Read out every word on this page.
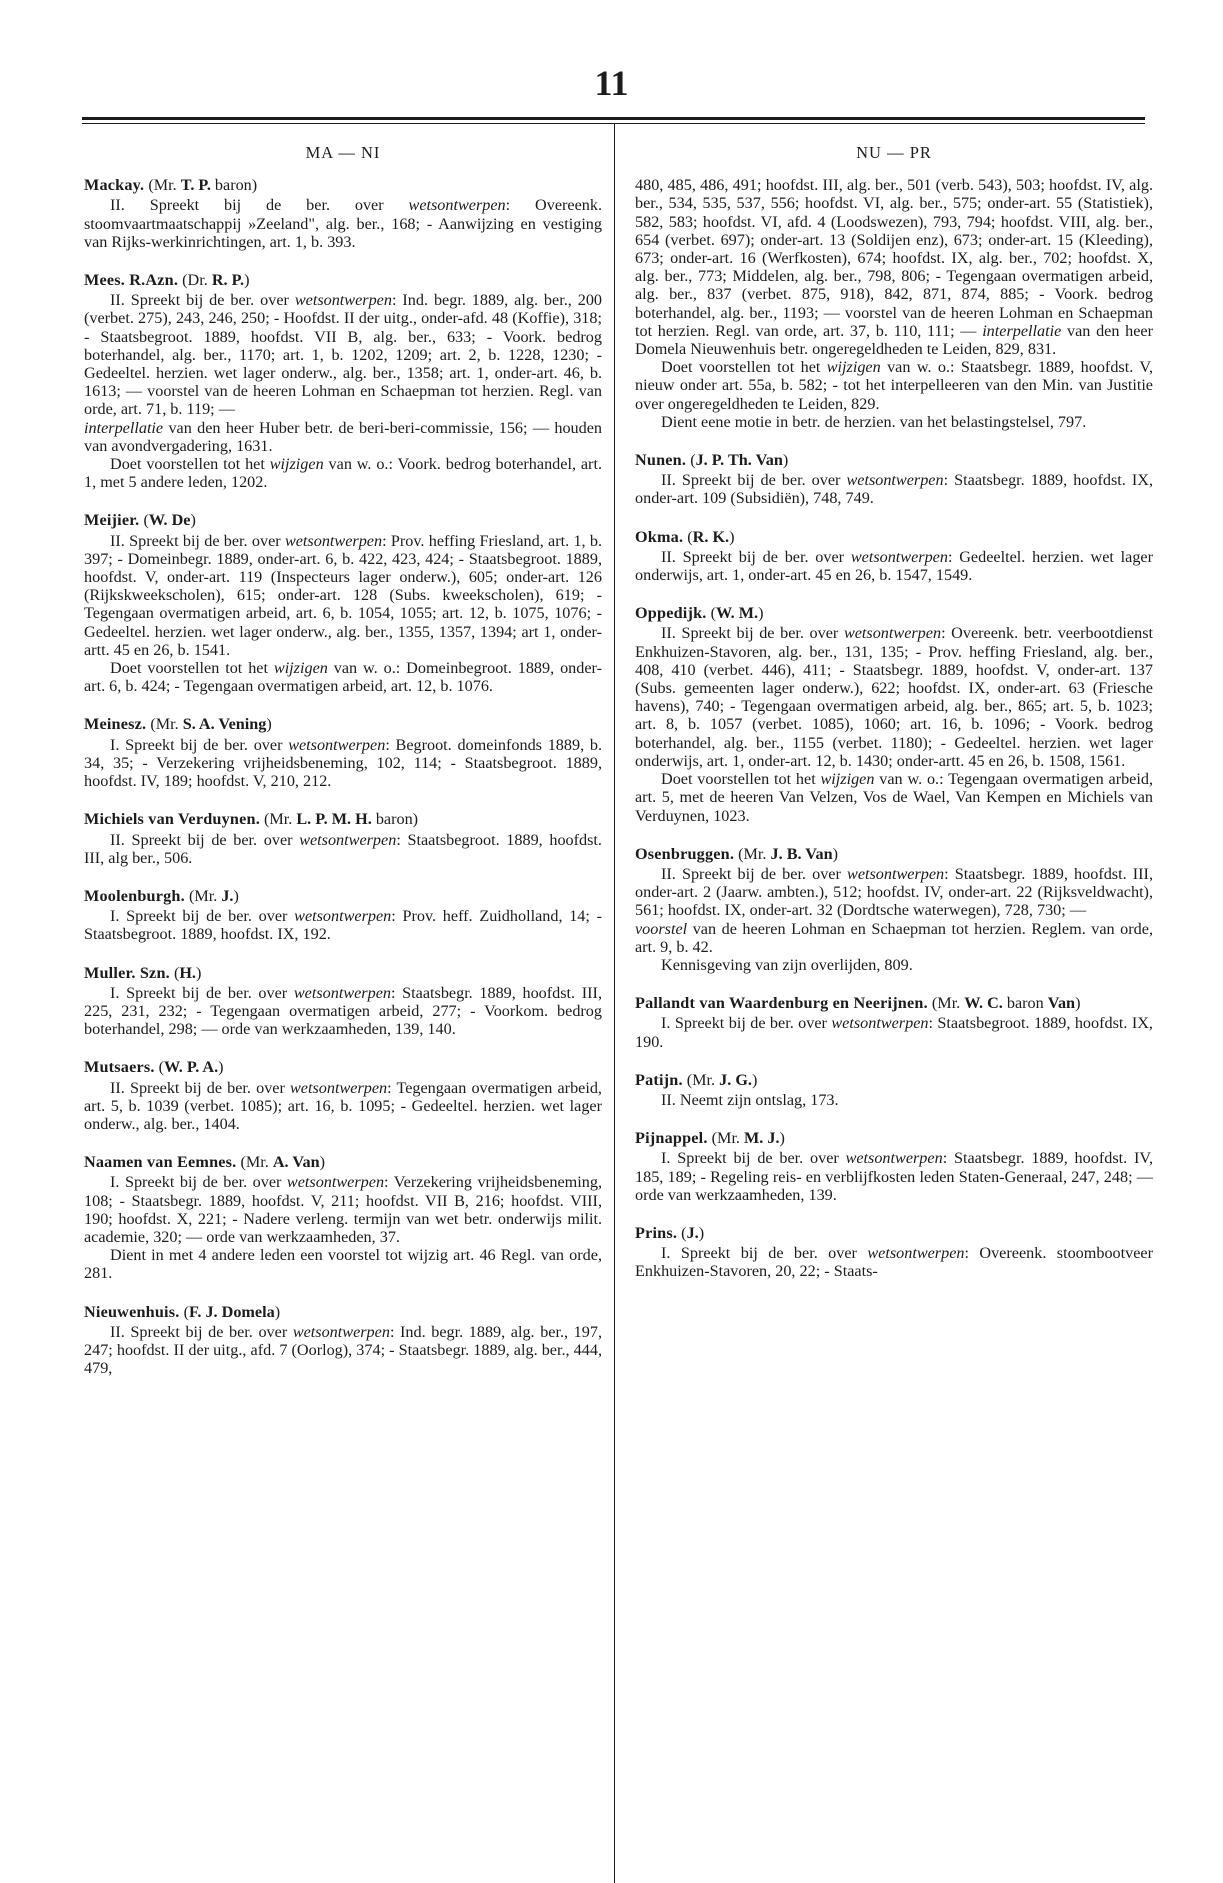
11
MA — NI
Mackay. (Mr. T. P. baron)
II. Spreekt bij de ber. over wetsontwerpen: Overeenk. stoomvaartmaatschappij »Zeeland", alg. ber., 168; - Aanwijzing en vestiging van Rijks-werkinrichtingen, art. 1, b. 393.
Mees. R.Azn. (Dr. R. P.)
II. Spreekt bij de ber. over wetsontwerpen: Ind. begr. 1889, alg. ber., 200 (verbet. 275), 243, 246, 250; - Hoofdst. II der uitg., onder-afd. 48 (Koffie), 318; - Staatsbegroot. 1889, hoofdst. VII B, alg. ber., 633; - Voork. bedrog boterhandel, alg. ber., 1170; art. 1, b. 1202, 1209; art. 2, b. 1228, 1230; - Gedeeltel. herzien. wet lager onderw., alg. ber., 1358; art. 1, onder-art. 46, b. 1613; — voorstel van de heeren Lohman en Schaepman tot herzien. Regl. van orde, art. 71, b. 119; —
interpellatie van den heer Huber betr. de beri-beri-commissie, 156; — houden van avondvergadering, 1631.
Doet voorstellen tot het wijzigen van w. o.: Voork. bedrog boterhandel, art. 1, met 5 andere leden, 1202.
Meijier. (W. De)
II. Spreekt bij de ber. over wetsontwerpen: Prov. heffing Friesland, art. 1, b. 397; - Domeinbegr. 1889, onder-art. 6, b. 422, 423, 424; - Staatsbegroot. 1889, hoofdst. V, onder-art. 119 (Inspecteurs lager onderw.), 605; onder-art. 126 (Rijkskweekscholen), 615; onder-art. 128 (Subs. kweekscholen), 619; - Tegengaan overmatigen arbeid, art. 6, b. 1054, 1055; art. 12, b. 1075, 1076; - Gedeeltel. herzien. wet lager onderw., alg. ber., 1355, 1357, 1394; art 1, onder-artt. 45 en 26, b. 1541.
Doet voorstellen tot het wijzigen van w. o.: Domeinbegroot. 1889, onder-art. 6, b. 424; - Tegengaan overmatigen arbeid, art. 12, b. 1076.
Meinesz. (Mr. S. A. Vening)
I. Spreekt bij de ber. over wetsontwerpen: Begroot. domeinfonds 1889, b. 34, 35; - Verzekering vrijheidsbeneming, 102, 114; - Staatsbegroot. 1889, hoofdst. IV, 189; hoofdst. V, 210, 212.
Michiels van Verduynen. (Mr. L. P. M. H. baron)
II. Spreekt bij de ber. over wetsontwerpen: Staatsbegroot. 1889, hoofdst. III, alg ber., 506.
Moolenburgh. (Mr. J.)
I. Spreekt bij de ber. over wetsontwerpen: Prov. heff. Zuidholland, 14; - Staatsbegroot. 1889, hoofdst. IX, 192.
Muller. Szn. (H.)
I. Spreekt bij de ber. over wetsontwerpen: Staatsbegr. 1889, hoofdst. III, 225, 231, 232; - Tegengaan overmatigen arbeid, 277; - Voorkom. bedrog boterhandel, 298; — orde van werkzaamheden, 139, 140.
Mutsaers. (W. P. A.)
II. Spreekt bij de ber. over wetsontwerpen: Tegengaan overmatigen arbeid, art. 5, b. 1039 (verbet. 1085); art. 16, b. 1095; - Gedeeltel. herzien. wet lager onderw., alg. ber., 1404.
Naamen van Eemnes. (Mr. A. Van)
I. Spreekt bij de ber. over wetsontwerpen: Verzekering vrijheidsbeneming, 108; - Staatsbegr. 1889, hoofdst. V, 211; hoofdst. VII B, 216; hoofdst. VIII, 190; hoofdst. X, 221; - Nadere verleng. termijn van wet betr. onderwijs milit. academie, 320; — orde van werkzaamheden, 37.
Dient in met 4 andere leden een voorstel tot wijzig art. 46 Regl. van orde, 281.
Nieuwenhuis. (F. J. Domela)
II. Spreekt bij de ber. over wetsontwerpen: Ind. begr. 1889, alg. ber., 197, 247; hoofdst. II der uitg., afd. 7 (Oorlog), 374; - Staatsbegr. 1889, alg. ber., 444, 479,
NU — PR
480, 485, 486, 491; hoofdst. III, alg. ber., 501 (verb. 543), 503; hoofdst. IV, alg. ber., 534, 535, 537, 556; hoofdst. VI, alg. ber., 575; onder-art. 55 (Statistiek), 582, 583; hoofdst. VI, afd. 4 (Loodswezen), 793, 794; hoofdst. VIII, alg. ber., 654 (verbet. 697); onder-art. 13 (Soldijen enz), 673; onder-art. 15 (Kleeding), 673; onder-art. 16 (Werfkosten), 674; hoofdst. IX, alg. ber., 702; hoofdst. X, alg. ber., 773; Middelen, alg. ber., 798, 806; - Tegengaan overmatigen arbeid, alg. ber., 837 (verbet. 875, 918), 842, 871, 874, 885; - Voork. bedrog boterhandel, alg. ber., 1193; — voorstel van de heeren Lohman en Schaepman tot herzien. Regl. van orde, art. 37, b. 110, 111; — interpellatie van den heer Domela Nieuwenhuis betr. ongeregeldheden te Leiden, 829, 831.
Doet voorstellen tot het wijzigen van w. o.: Staatsbegr. 1889, hoofdst. V, nieuw onder art. 55a, b. 582; - tot het interpelleeren van den Min. van Justitie over ongeregeldheden te Leiden, 829.
Dient eene motie in betr. de herzien. van het belastingstelsel, 797.
Nunen. (J. P. Th. Van)
II. Spreekt bij de ber. over wetsontwerpen: Staatsbegr. 1889, hoofdst. IX, onder-art. 109 (Subsidiën), 748, 749.
Okma. (R. K.)
II. Spreekt bij de ber. over wetsontwerpen: Gedeeltel. herzien. wet lager onderwijs, art. 1, onder-art. 45 en 26, b. 1547, 1549.
Oppedijk. (W. M.)
II. Spreekt bij de ber. over wetsontwerpen: Overeenk. betr. veerbootdienst Enkhuizen-Stavoren, alg. ber., 131, 135; - Prov. heffing Friesland, alg. ber., 408, 410 (verbet. 446), 411; - Staatsbegr. 1889, hoofdst. V, onder-art. 137 (Subs. gemeenten lager onderw.), 622; hoofdst. IX, onder-art. 63 (Friesche havens), 740; - Tegengaan overmatigen arbeid, alg. ber., 865; art. 5, b. 1023; art. 8, b. 1057 (verbet. 1085), 1060; art. 16, b. 1096; - Voork. bedrog boterhandel, alg. ber., 1155 (verbet. 1180); - Gedeeltel. herzien. wet lager onderwijs, art. 1, onder-art. 12, b. 1430; onder-artt. 45 en 26, b. 1508, 1561.
Doet voorstellen tot het wijzigen van w. o.: Tegengaan overmatigen arbeid, art. 5, met de heeren Van Velzen, Vos de Wael, Van Kempen en Michiels van Verduynen, 1023.
Osenbruggen. (Mr. J. B. Van)
II. Spreekt bij de ber. over wetsontwerpen: Staatsbegr. 1889, hoofdst. III, onder-art. 2 (Jaarw. ambten.), 512; hoofdst. IV, onder-art. 22 (Rijksveldwacht), 561; hoofdst. IX, onder-art. 32 (Dordtsche waterwegen), 728, 730; —
voorstel van de heeren Lohman en Schaepman tot herzien. Reglem. van orde, art. 9, b. 42.
Kennisgeving van zijn overlijden, 809.
Pallandt van Waardenburg en Neerijnen. (Mr. W. C. baron Van)
I. Spreekt bij de ber. over wetsontwerpen: Staatsbegroot. 1889, hoofdst. IX, 190.
Patijn. (Mr. J. G.)
II. Neemt zijn ontslag, 173.
Pijnappel. (Mr. M. J.)
I. Spreekt bij de ber. over wetsontwerpen: Staatsbegr. 1889, hoofdst. IV, 185, 189; - Regeling reis- en verblijfkosten leden Staten-Generaal, 247, 248; — orde van werkzaamheden, 139.
Prins. (J.)
I. Spreekt bij de ber. over wetsontwerpen: Overeenk. stoombootveer Enkhuizen-Stavoren, 20, 22; - Staats-
